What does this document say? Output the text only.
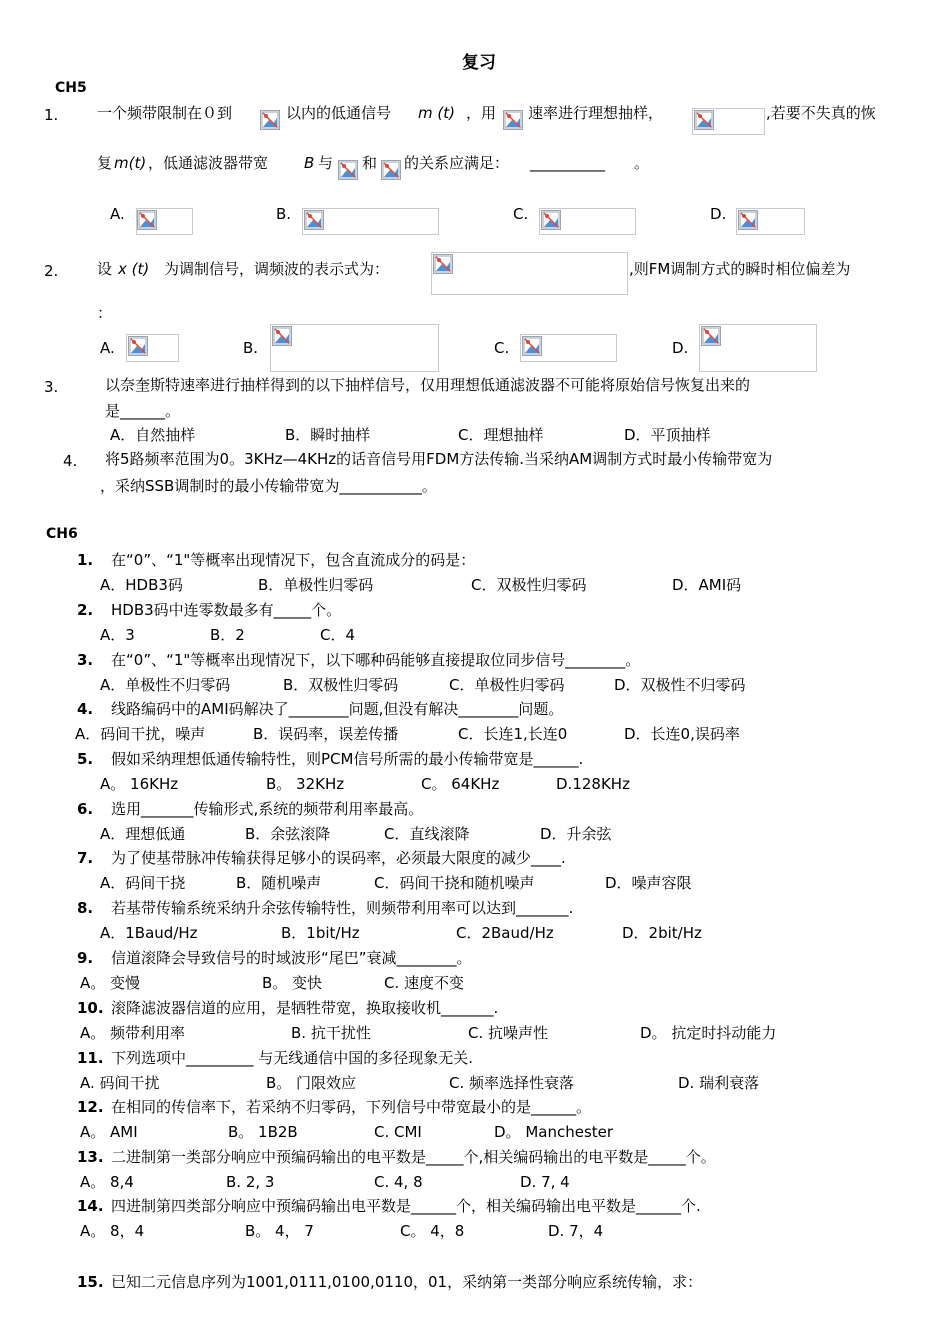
复习
CH5
1.	一个频带限制在０到	以内的低通信号 m (t) ，用 速率进行理想抽样，	,若要不失真的恢
复 m(t) ，低通滤波器带宽 B 与 和 的关系应满足： __________ 。
A.	B.	C.	D.
2.	设 x (t) 为调制信号，调频波的表示式为：	,则FM调制方式的瞬时相位偏差为
：
A.	B.	C.	D.
3.	以奈奎斯特速率进行抽样得到的以下抽样信号，仅用理想低通滤波器不可能将原始信号恢复出来的
是______。
A．自然抽样	B．瞬时抽样	C．理想抽样	D．平顶抽样
4. 将5路频率范围为0。3KHz—4KHz的话音信号用FDM方法传输.当采纳AM调制方式时最小传输带宽为
，采纳SSB调制时的最小传输带宽为___________。
CH6
1. 在“0”、“1"等概率出现情况下，包含直流成分的码是：
A．HDB3码	B．单极性归零码	C．双极性归零码	D．AMI码
2. HDB3码中连零数最多有_____个。
A．3	B．2	C．4
3. 在“0”、“1"等概率出现情况下，以下哪种码能够直接提取位同步信号________。
A．单极性不归零码	B．双极性归零码	C．单极性归零码	D．双极性不归零码
4. 线路编码中的AMI码解决了________问题,但没有解决________问题。
A．码间干扰，噪声	B．误码率，误差传播	C．长连1,长连0	D．长连0,误码率
5. 假如采纳理想低通传输特性，则PCM信号所需的最小传输带宽是______.
A。 16KHz	B。 32KHz	C。 64KHz	D.128KHz
6. 选用_______传输形式,系统的频带利用率最高。
A．理想低通	B．余弦滚降	C．直线滚降	D．升余弦
7. 为了使基带脉冲传输获得足够小的误码率，必须最大限度的减少____.
A．码间干挠	B．随机噪声	C．码间干挠和随机噪声	D．噪声容限
8. 若基带传输系统采纳升余弦传输特性，则频带利用率可以达到_______.
A．1Baud/Hz	B．1bit/Hz	C．2Baud/Hz	D．2bit/Hz
9. 信道滚降会导致信号的时域波形“尾巴”衰减________。
A。 变慢	B。 变快	C. 速度不变
10. 滚降滤波器信道的应用，是牺牲带宽，换取接收机_______.
A。 频带利用率	B. 抗干扰性	C. 抗噪声性	D。 抗定时抖动能力
11. 下列选项中_________ 与无线通信中国的多径现象无关.
A. 码间干扰	B。 门限效应	C. 频率选择性衰落	D. 瑞利衰落
12. 在相同的传信率下，若采纳不归零码，下列信号中带宽最小的是______。
A。 AMI	B。 1B2B	C. CMI	D。 Manchester
13. 二进制第一类部分响应中预编码输出的电平数是_____个,相关编码输出的电平数是_____个。
A。 8,4	B. 2, 3	C. 4, 8	D. 7, 4
14. 四进制第四类部分响应中预编码输出电平数是______个，相关编码输出电平数是______个.
A。 8，4	B。 4， 7	C。 4，8	D. 7，4
15. 已知二元信息序列为1001,0111,0100,0110，01，采纳第一类部分响应系统传输，求：
